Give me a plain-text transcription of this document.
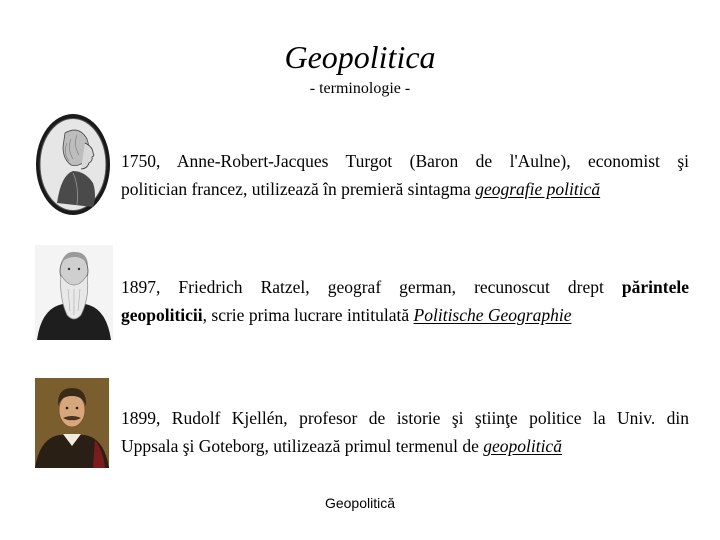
Geopolitica
- terminologie -
1750, Anne-Robert-Jacques Turgot (Baron de l'Aulne), economist şi
politician francez, utilizează în premieră sintagma geografie politică
1897, Friedrich Ratzel, geograf german, recunoscut drept părintele
geopoliticii, scrie prima lucrare intitulată Politische Geographie
1899, Rudolf Kjellén, profesor de istorie şi ştiinţe politice la Univ. din
Uppsala şi Goteborg, utilizează primul termenul de geopolitică
Geopolitică
